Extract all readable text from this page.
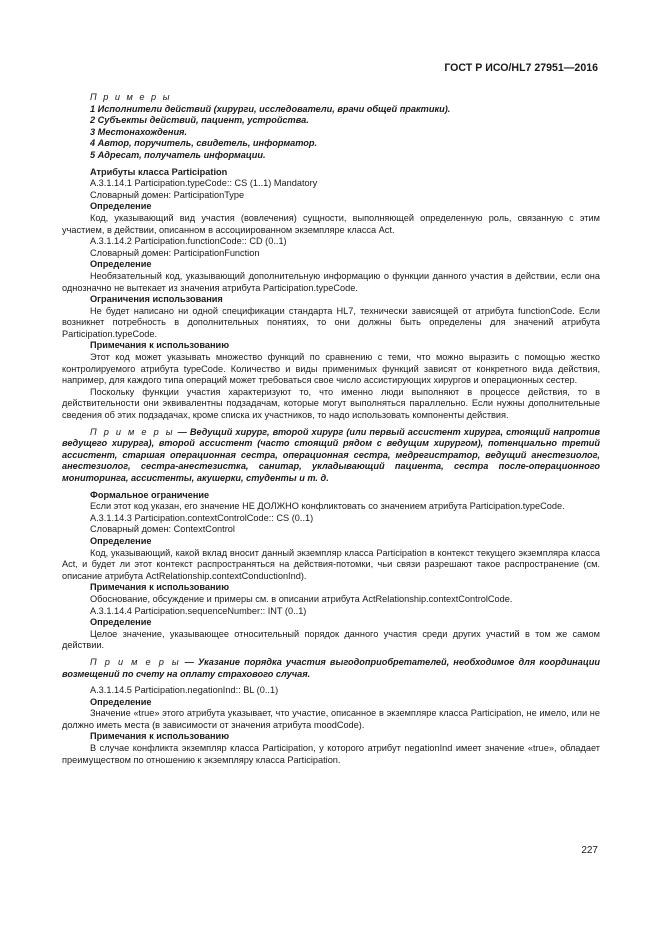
ГОСТ Р ИСО/HL7 27951—2016

П р и м е р ы

1 Исполнители действий (хирурги, исследователи, врачи общей практики).

2 Субъекты действий, пациент, устройства.

3 Местонахождения.

4 Автор, поручитель, свидетель, информатор.

5 Адресат, получатель информации.

Атрибуты класса Participation

A.3.1.14.1 Participation.typeCode:: CS (1..1) Mandatory

Словарный домен: ParticipationType

Определение

Код, указывающий вид участия (вовлечения) сущности, выполняющей определенную роль, связанную с этим участием, в действии, описанном в ассоциированном экземпляре класса Act.

A.3.1.14.2 Participation.functionCode:: CD (0..1)

Словарный домен: ParticipationFunction

Определение

Необязательный код, указывающий дополнительную информацию о функции данного участия в действии, если она однозначно не вытекает из значения атрибута Participation.typeCode.

Ограничения использования

Не будет написано ни одной спецификации стандарта HL7, технически зависящей от атрибута functionCode. Если возникнет потребность в дополнительных понятиях, то они должны быть определены для значений атрибута Participation.typeCode.

Примечания к использованию

Этот код может указывать множество функций по сравнению с теми, что можно выразить с помощью жестко контролируемого атрибута typeCode. Количество и виды применимых функций зависят от конкретного вида действия, например, для каждого типа операций может требоваться свое число ассистирующих хирургов и операционных сестер.

Поскольку функции участия характеризуют то, что именно люди выполняют в процессе действия, то в действительности они эквивалентны подзадачам, которые могут выполняться параллельно. Если нужны дополнительные сведения об этих подзадачах, кроме списка их участников, то надо использовать компоненты действия.

П р и м е р ы — Ведущий хирург, второй хирург (или первый ассистент хирурга, стоящий напротив ведущего хирурга), второй ассистент (часто стоящий рядом с ведущим хирургом), потенциально третий ассистент, старшая операционная сестра, операционная сестра, медрегистратор, ведущий анестезиолог, анестезиолог, сестра-анестезистка, санитар, укладывающий пациента, сестра после-операционного мониторинга, ассистенты, акушерки, студенты и т. д.

Формальное ограничение

Если этот код указан, его значение НЕ ДОЛЖНО конфликтовать со значением атрибута Participation.typeCode.

A.3.1.14.3 Participation.contextControlCode:: CS (0..1)

Словарный домен: ContextControl

Определение

Код, указывающий, какой вклад вносит данный экземпляр класса Participation в контекст текущего экземпляра класса Act, и будет ли этот контекст распространяться на действия-потомки, чьи связи разрешают такое распространение (см. описание атрибута ActRelationship.contextConductionInd).

Примечания к использованию

Обоснование, обсуждение и примеры см. в описании атрибута ActRelationship.contextControlCode.

A.3.1.14.4 Participation.sequenceNumber:: INT (0..1)

Определение

Целое значение, указывающее относительный порядок данного участия среди других участий в том же самом действии.

П р и м е р ы — Указание порядка участия выгодоприобретателей, необходимое для координации возмещений по счету на оплату страхового случая.

A.3.1.14.5 Participation.negationInd:: BL (0..1)

Определение

Значение «true» этого атрибута указывает, что участие, описанное в экземпляре класса Participation, не имело, или не должно иметь места (в зависимости от значения атрибута moodCode).

Примечания к использованию

В случае конфликта экземпляр класса Participation, у которого атрибут negationInd имеет значение «true», обладает преимуществом по отношению к экземпляру класса Participation.

227
